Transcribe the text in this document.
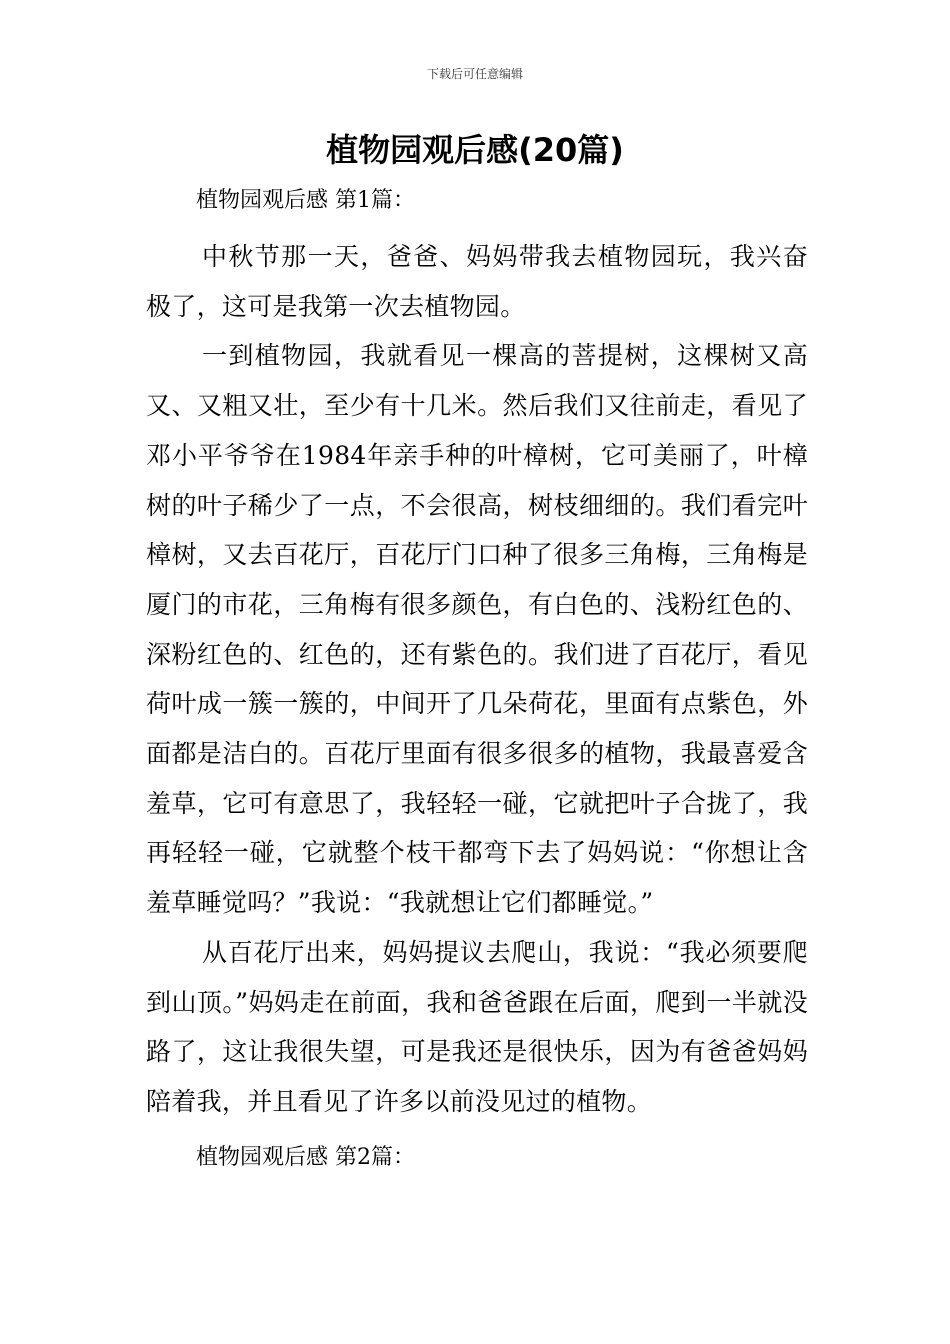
下载后可任意编辑
植物园观后感(20篇)
植物园观后感 第1篇：

中秋节那一天，爸爸、妈妈带我去植物园玩，我兴奋极了，这可是我第一次去植物园。

一到植物园，我就看见一棵高的菩提树，这棵树又高又、又粗又壮，至少有十几米。然后我们又往前走，看见了邓小平爷爷在1984年亲手种的叶樟树，它可美丽了，叶樟树的叶子稀少了一点，不会很高，树枝细细的。我们看完叶樟树，又去百花厅，百花厅门口种了很多三角梅，三角梅是厦门的市花，三角梅有很多颜色，有白色的、浅粉红色的、深粉红色的、红色的，还有紫色的。我们进了百花厅，看见荷叶成一簇一簇的，中间开了几朵荷花，里面有点紫色，外面都是洁白的。百花厅里面有很多很多的植物，我最喜爱含羞草，它可有意思了，我轻轻一碰，它就把叶子合拢了，我再轻轻一碰，它就整个枝干都弯下去了妈妈说：“你想让含羞草睡觉吗？”我说：“我就想让它们都睡觉。”

从百花厅出来，妈妈提议去爬山，我说：“我必须要爬到山顶。”妈妈走在前面，我和爸爸跟在后面，爬到一半就没路了，这让我很失望，可是我还是很快乐，因为有爸爸妈妈陪着我，并且看见了许多以前没见过的植物。

植物园观后感 第2篇：
